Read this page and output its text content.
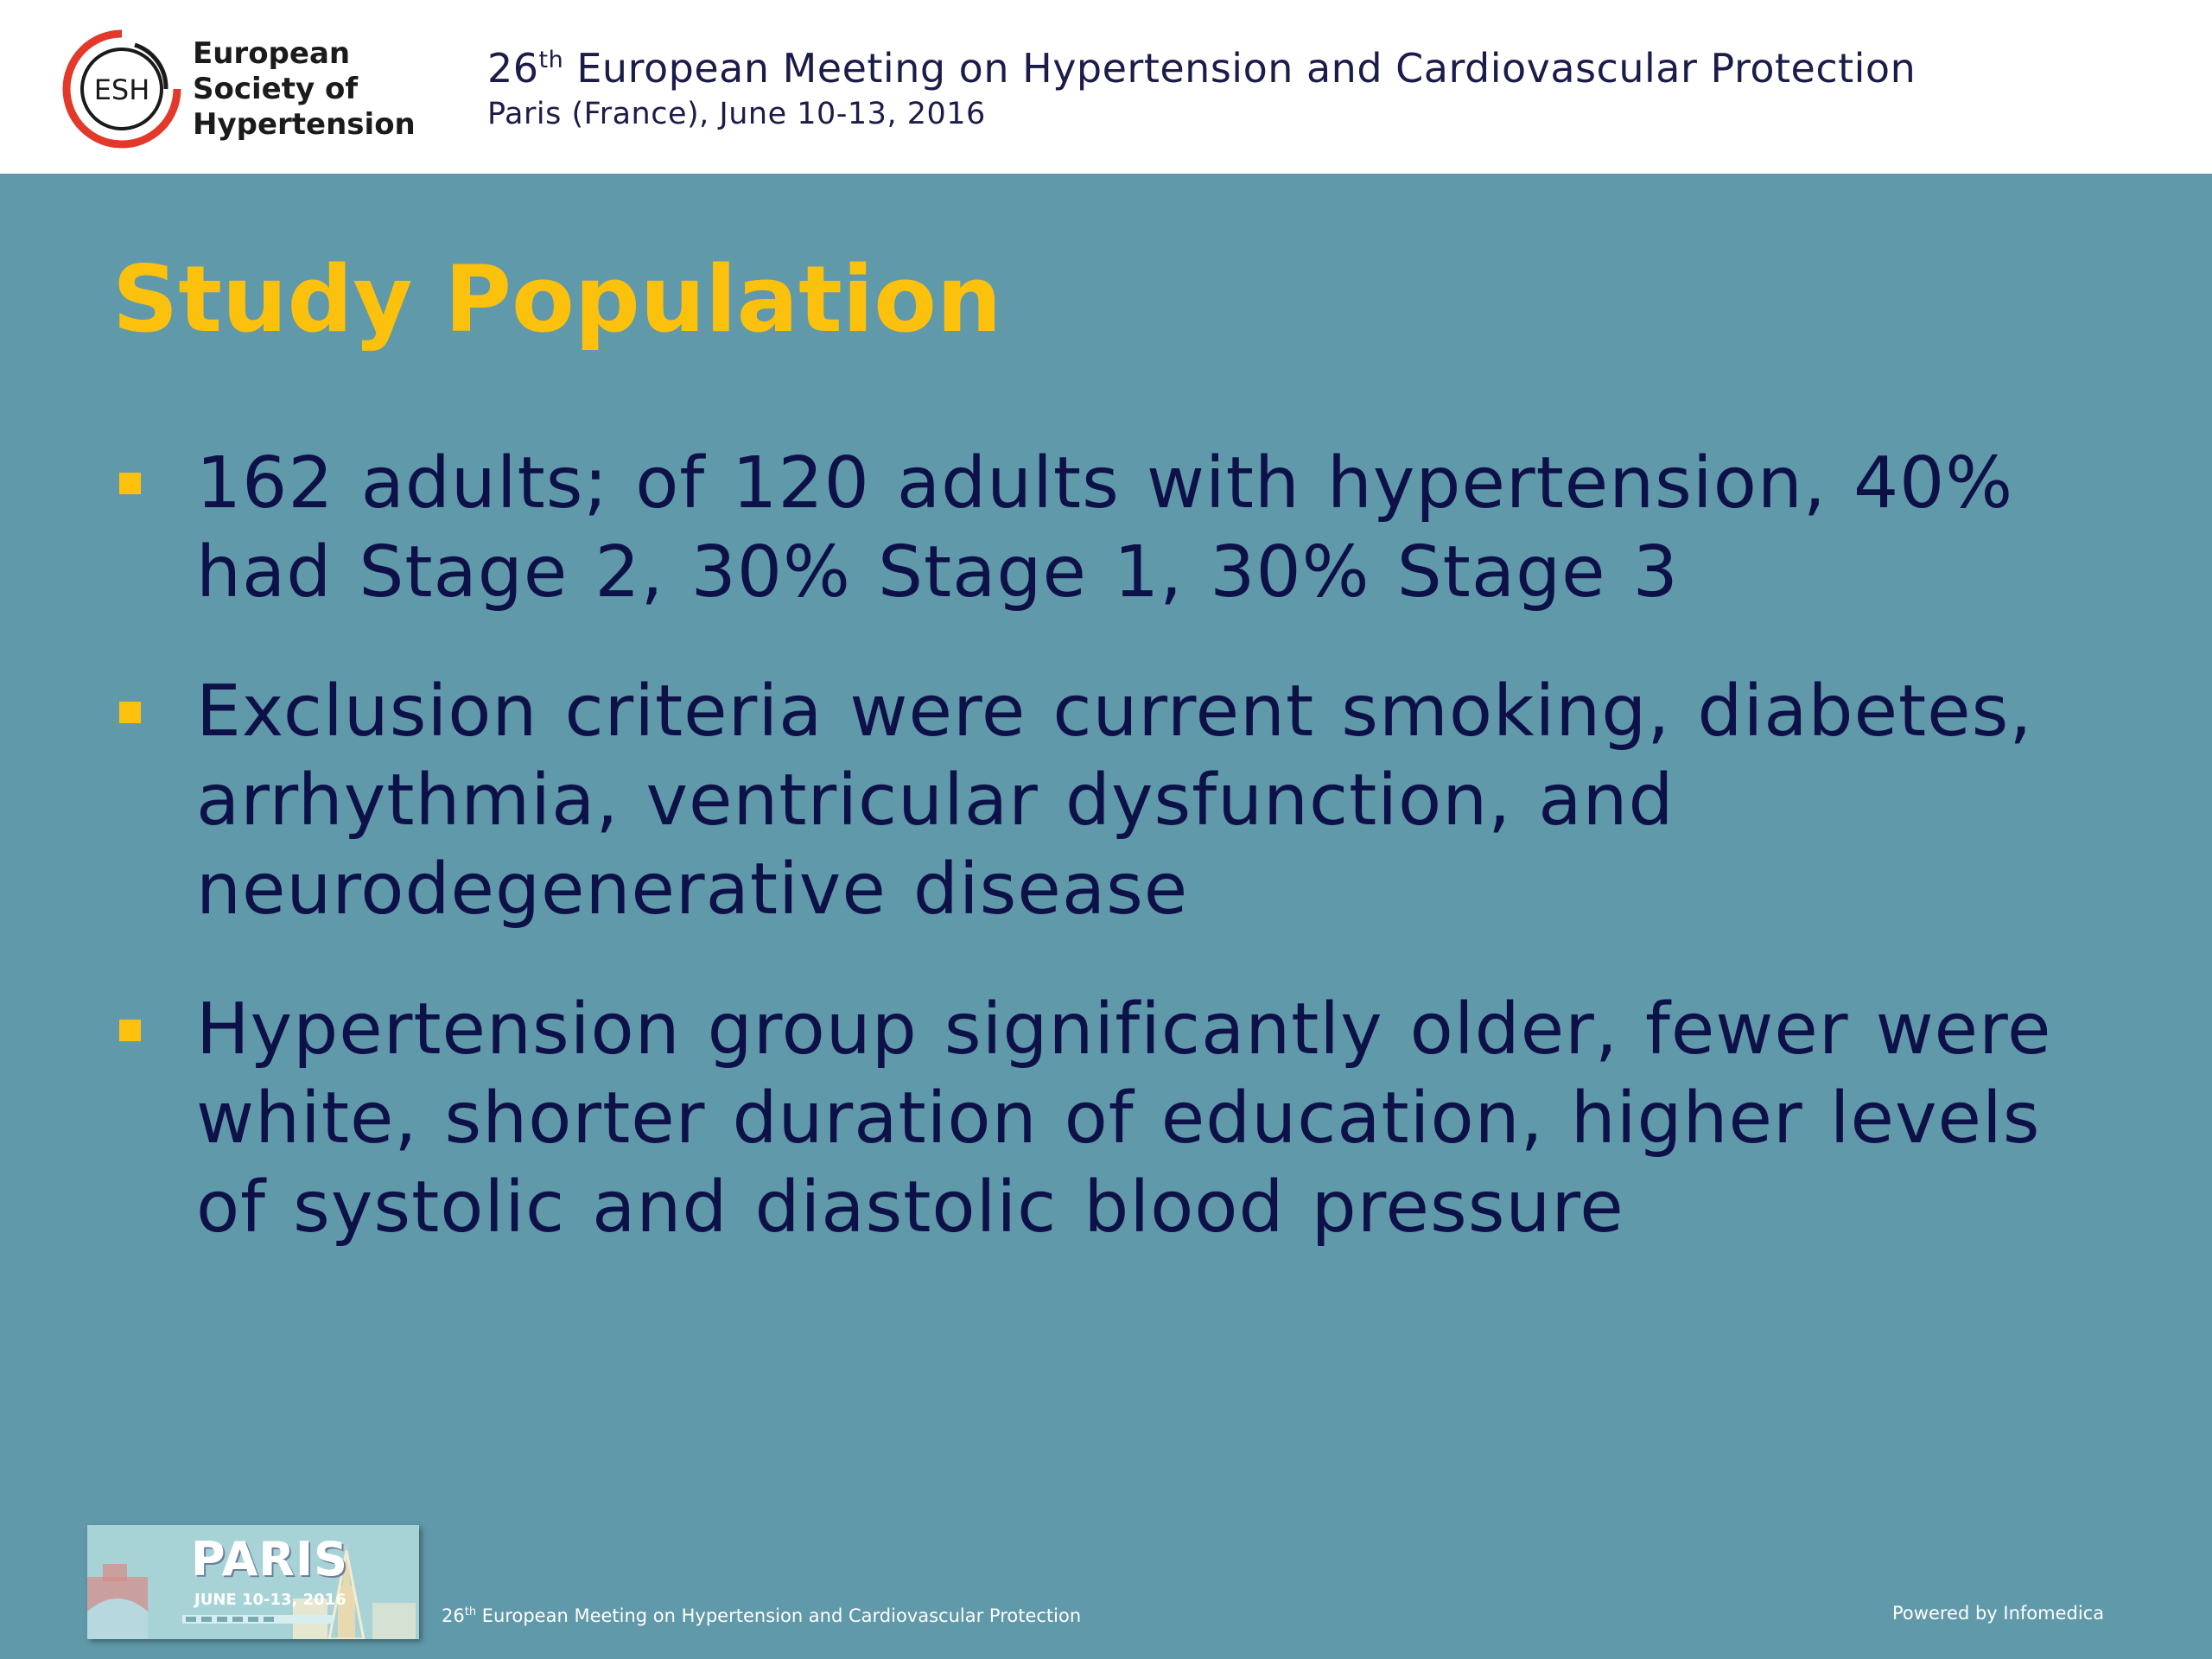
ESH
European
Society of
Hypertension
26th European Meeting on Hypertension and Cardiovascular Protection
Paris (France), June 10-13, 2016
Study Population
162 adults; of 120 adults with hypertension, 40%
had Stage 2, 30% Stage 1, 30% Stage 3
Exclusion criteria were current smoking, diabetes,
arrhythmia, ventricular dysfunction, and
neurodegenerative disease
Hypertension group significantly older, fewer were
white, shorter duration of education, higher levels
of systolic and diastolic blood pressure
PARIS
JUNE 10-13, 2016
26th European Meeting on Hypertension and Cardiovascular Protection	Powered by Infomedica
